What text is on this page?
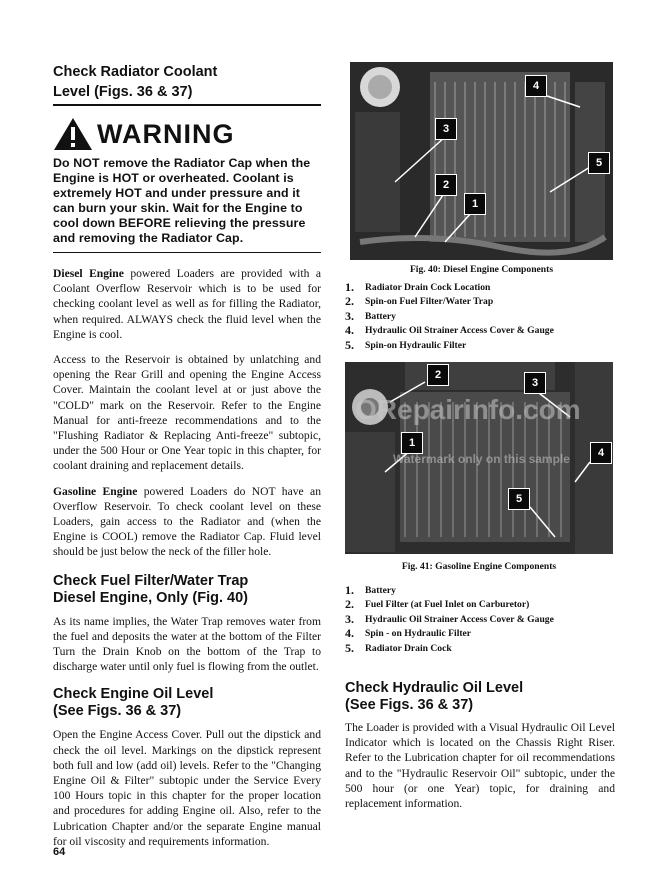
Check Radiator Coolant
Level (Figs. 36 & 37)
WARNING
Do NOT remove the Radiator Cap when the Engine is HOT or overheated. Coolant is extremely HOT and under pressure and it can burn your skin. Wait for the Engine to cool down BEFORE relieving the pressure and removing the Radiator Cap.

Diesel Engine powered Loaders are provided with a Coolant Overflow Reservoir which is to be used for checking coolant level as well as for filling the Radiator, when required. ALWAYS check the fluid level when the Engine is cool.

Access to the Reservoir is obtained by unlatching and opening the Rear Grill and opening the Engine Access Cover. Maintain the coolant level at or just above the "COLD" mark on the Reservoir. Refer to the Engine Manual for anti-freeze recommendations and to the "Flushing Radiator & Replacing Anti-freeze" subtopic, under the 500 Hour or One Year topic in this chapter, for coolant draining and replacement details.

Gasoline Engine powered Loaders do NOT have an Overflow Reservoir. To check coolant level on these Loaders, gain access to the Radiator and (when the Engine is COOL) remove the Radiator Cap. Fluid level should be just below the neck of the filler hole.

Check Fuel Filter/Water Trap
Diesel Engine, Only (Fig. 40)

As its name implies, the Water Trap removes water from the fuel and deposits the water at the bottom of the Filter Turn the Drain Knob on the bottom of the Trap to discharge water until only fuel is flowing from the outlet.

Check Engine Oil Level
(See Figs. 36 & 37)

Open the Engine Access Cover. Pull out the dipstick and check the oil level. Markings on the dipstick represent both full and low (add oil) levels. Refer to the "Changing Engine Oil & Filter" subtopic under the Service Every 100 Hours topic in this chapter for the proper location and procedures for adding Engine oil. Also, refer to the Lubrication Chapter and/or the separate Engine manual for oil viscosity and requirements information.

4
3
5
2
1
Fig. 40: Diesel Engine Components
1.	Radiator Drain Cock Location
2.	Spin-on Fuel Filter/Water Trap
3.	Battery
4.	Hydraulic Oil Strainer Access Cover & Gauge
5.	Spin-on Hydraulic Filter
2
3
1
4
5
Fig. 41: Gasoline Engine Components
1.	Battery
2.	Fuel Filter (at Fuel Inlet on Carburetor)
3.	Hydraulic Oil Strainer Access Cover & Gauge
4.	Spin - on Hydraulic Filter
5.	Radiator Drain Cock
Check Hydraulic Oil Level
(See Figs. 36 & 37)

The Loader is provided with a Visual Hydraulic Oil Level Indicator which is located on the Chassis Right Riser. Refer to the Lubrication chapter for oil recommendations and to the "Hydraulic Reservoir Oil" subtopic, under the 500 hour (or one Year) topic, for draining and replacement information.

ORepairinfo.com
Watermark only on this sample
64
